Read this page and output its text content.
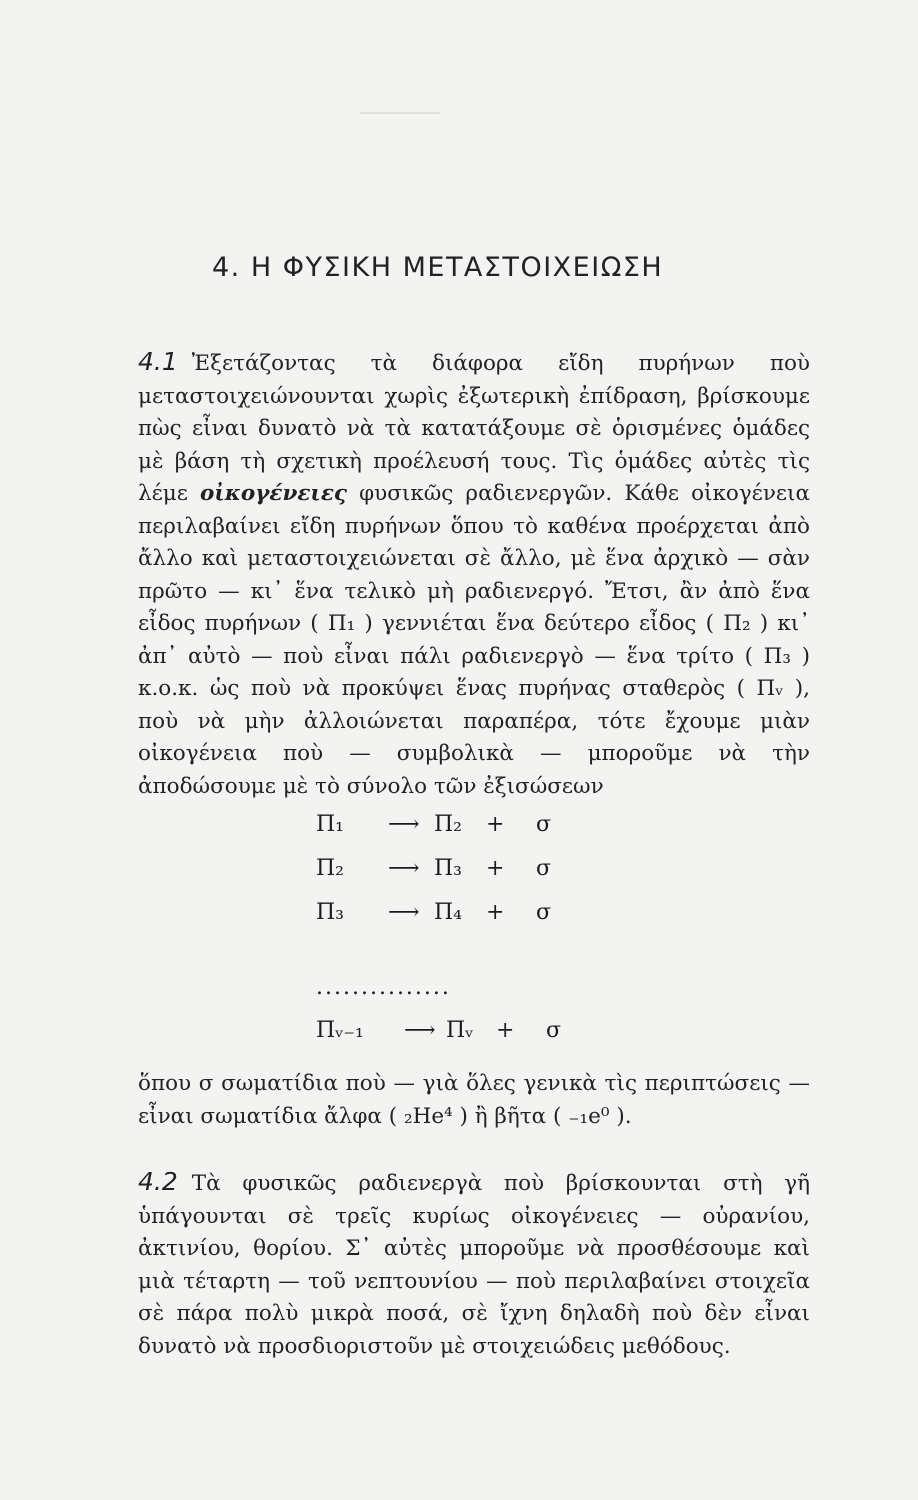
4. Η ΦΥΣΙΚΗ ΜΕΤΑΣΤΟΙΧΕΙΩΣΗ
4.1 Ἐξετάζοντας τὰ διάφορα εἴδη πυρήνων ποὺ μεταστοιχειώνουνται χωρὶς ἐξωτερικὴ ἐπίδραση, βρίσκουμε πὼς εἶναι δυνατὸ νὰ τὰ κατατάξουμε σὲ ὁρισμένες ὁμάδες μὲ βάση τὴ σχετικὴ προέλευσή τους. Τὶς ὁμάδες αὐτὲς τὶς λέμε οἰκογένειες φυσικῶς ραδιενεργῶν. Κάθε οἰκογένεια περιλαβαίνει εἴδη πυρήνων ὅπου τὸ καθένα προέρχεται ἀπὸ ἄλλο καὶ μεταστοιχειώνεται σὲ ἄλλο, μὲ ἕνα ἀρχικὸ — σὰν πρῶτο — κι᾽ ἕνα τελικὸ μὴ ραδιενεργό. Ἔτσι, ἂν ἀπὸ ἕνα εἶδος πυρήνων ( Π₁ ) γεννιέται ἕνα δεύτερο εἶδος ( Π₂ ) κι᾽ ἀπ᾽ αὐτὸ — ποὺ εἶναι πάλι ραδιενεργὸ — ἕνα τρίτο ( Π₃ ) κ.ο.κ. ὡς ποὺ νὰ προκύψει ἕνας πυρήνας σταθερὸς ( Πᵥ ), ποὺ νὰ μὴν ἀλλοιώνεται παραπέρα, τότε ἔχουμε μιὰν οἰκογένεια ποὺ — συμβολικὰ — μποροῦμε νὰ τὴν ἀποδώσουμε μὲ τὸ σύνολο τῶν ἐξισώσεων
Π₁ ⟶ Π₂ + σ
Π₂ ⟶ Π₃ + σ
Π₃ ⟶ Π₄ + σ
...............
Πᵥ₋₁ ⟶ Πᵥ + σ
ὅπου σ σωματίδια ποὺ — γιὰ ὅλες γενικὰ τὶς περιπτώσεις — εἶναι σωματίδια ἄλφα ( ₂He⁴ ) ἢ βῆτα ( ₋₁e⁰ ).
4.2 Τὰ φυσικῶς ραδιενεργὰ ποὺ βρίσκουνται στὴ γῆ ὑπάγουνται σὲ τρεῖς κυρίως οἰκογένειες — οὐρανίου, ἀκτινίου, θορίου. Σ᾽ αὐτὲς μποροῦμε νὰ προσθέσουμε καὶ μιὰ τέταρτη — τοῦ νεπτουνίου — ποὺ περιλαβαίνει στοιχεῖα σὲ πάρα πολὺ μικρὰ ποσά, σὲ ἴχνη δηλαδὴ ποὺ δὲν εἶναι δυνατὸ νὰ προσδιοριστοῦν μὲ στοιχειώδεις μεθόδους.
